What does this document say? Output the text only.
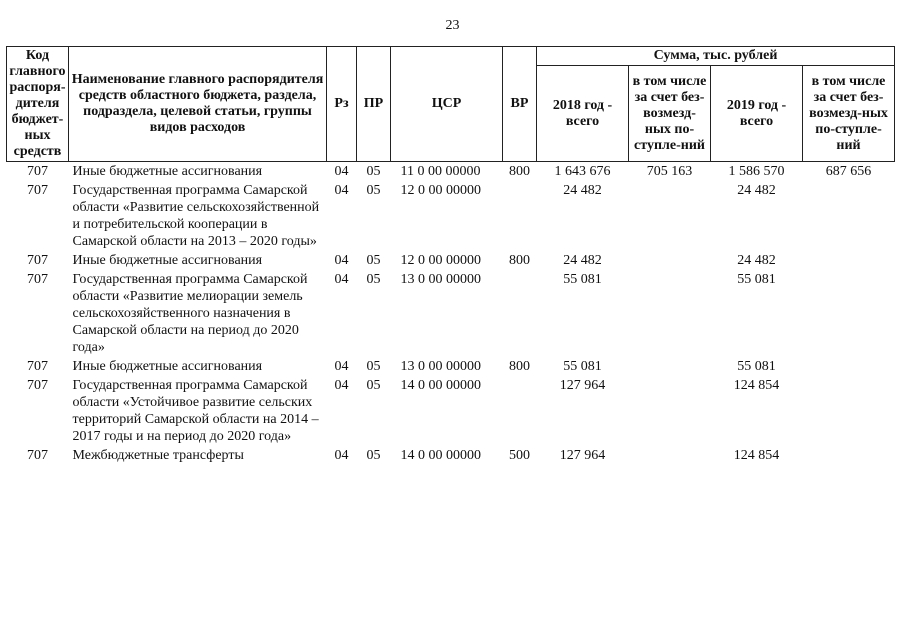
23
Код главного распоря-дителя бюджет-ных средств	Наименование главного распорядителя средств областного бюджета, раздела, подраздела, целевой статьи, группы видов расходов	Рз	ПР	ЦСР	ВР	Сумма, тыс. рублей			
						2018 год - всего	в том числе за счет без-возмезд-ных по-ступле-ний	2019 год - всего	в том числе за счет без-возмезд-ных по-ступле-ний
707	Иные бюджетные ассигнования	04	05	11 0 00 00000	800	1 643 676	705 163	1 586 570	687 656
707	Государственная программа Самарской области «Развитие сельскохозяйственной и потребительской кооперации в Самарской области на 2013 – 2020 годы»	04	05	12 0 00 00000		24 482		24 482	
707	Иные бюджетные ассигнования	04	05	12 0 00 00000	800	24 482		24 482	
707	Государственная программа Самарской области «Развитие мелиорации земель сельскохозяйственного назначения в Самарской области на период до 2020 года»	04	05	13 0 00 00000		55 081		55 081	
707	Иные бюджетные ассигнования	04	05	13 0 00 00000	800	55 081		55 081	
707	Государственная программа Самарской области «Устойчивое развитие сельских территорий Самарской области на 2014 – 2017 годы и на период до 2020 года»	04	05	14 0 00 00000		127 964		124 854	
707	Межбюджетные трансферты	04	05	14 0 00 00000	500	127 964		124 854	
